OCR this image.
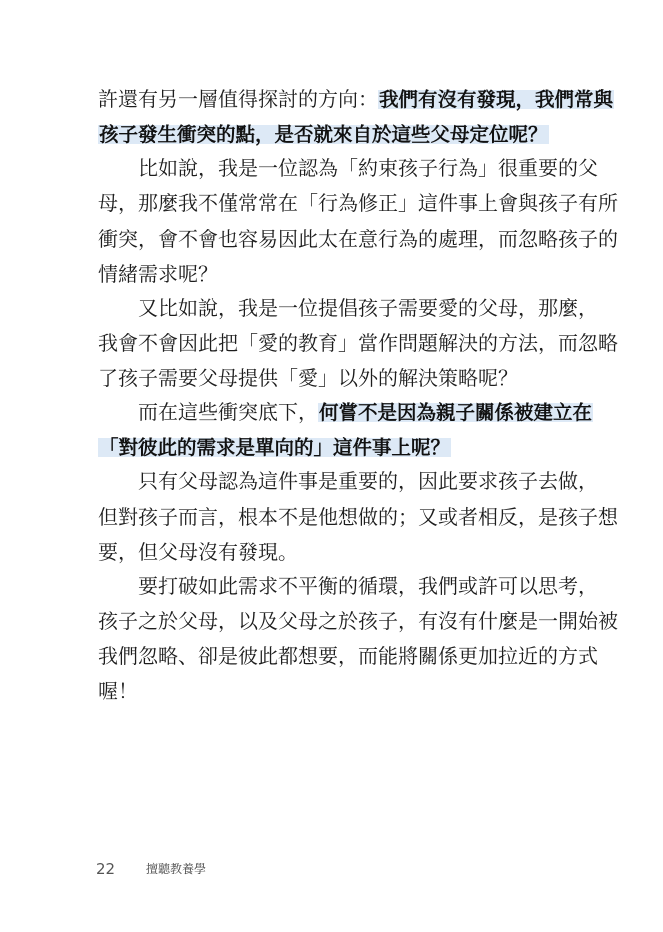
許還有另一層值得探討的方向：我們有沒有發現，我們常與
孩子發生衝突的點，是否就來自於這些父母定位呢？
比如說，我是一位認為「約束孩子行為」很重要的父
母，那麼我不僅常常在「行為修正」這件事上會與孩子有所
衝突，會不會也容易因此太在意行為的處理，而忽略孩子的
情緒需求呢？
又比如說，我是一位提倡孩子需要愛的父母，那麼，
我會不會因此把「愛的教育」當作問題解決的方法，而忽略
了孩子需要父母提供「愛」以外的解決策略呢？
而在這些衝突底下，何嘗不是因為親子關係被建立在
「對彼此的需求是單向的」這件事上呢？
只有父母認為這件事是重要的，因此要求孩子去做，
但對孩子而言，根本不是他想做的；又或者相反，是孩子想
要，但父母沒有發現。
要打破如此需求不平衡的循環，我們或許可以思考，
孩子之於父母，以及父母之於孩子，有沒有什麼是一開始被
我們忽略、卻是彼此都想要，而能將關係更加拉近的方式
喔！
22	擅聽教養學
